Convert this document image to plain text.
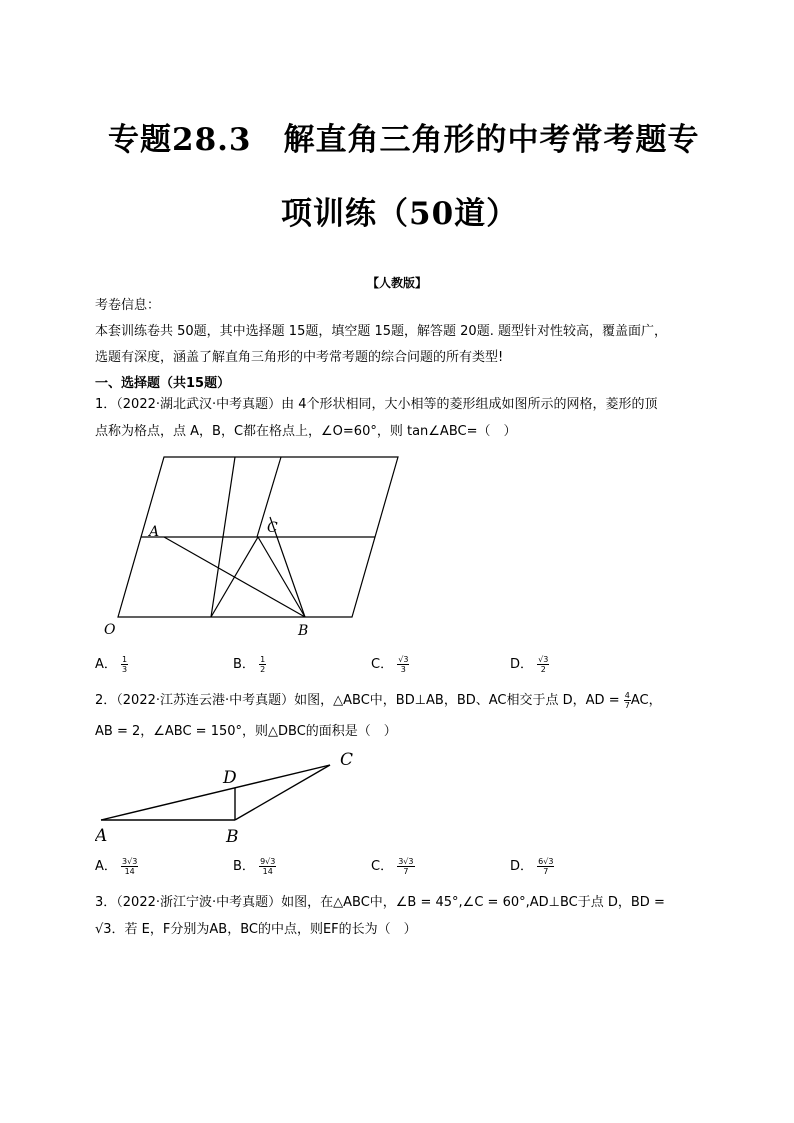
专题28.3　解直角三角形的中考常考题专
项训练（50道）
【人教版】
考卷信息：
本套训练卷共 50题，其中选择题 15题，填空题 15题，解答题 20题. 题型针对性较高，覆盖面广，
选题有深度，涵盖了解直角三角形的中考常考题的综合问题的所有类型!
一、选择题（共15题）
1．（2022·湖北武汉·中考真题）由 4个形状相同，大小相等的菱形组成如图所示的网格，菱形的顶
点称为格点，点 A，B，C都在格点上，∠O=60°，则 tan∠ABC=（　）
A	C
O	B
A． $\frac{1}{3}$	B． $\frac{1}{2}$	C． $\frac{√3}{3}$	D． $\frac{√3}{2}$
2．（2022·江苏连云港·中考真题）如图，△ABC中，BD⊥AB，BD、AC相交于点 D，AD = $\frac{4}{7}$ AC，
AB = 2，∠ABC = 150°，则△DBC的面积是（　）
A	B
C
D
A． $\frac{3√3}{14}$	B． $\frac{9√3}{14}$	C． $\frac{3√3}{7}$	D． $\frac{6√3}{7}$
3．（2022·浙江宁波·中考真题）如图，在△ABC中，∠B = 45°,∠C = 60°,AD⊥BC于点 D，BD =
√3．若 E，F分别为AB，BC的中点，则EF的长为（　）
